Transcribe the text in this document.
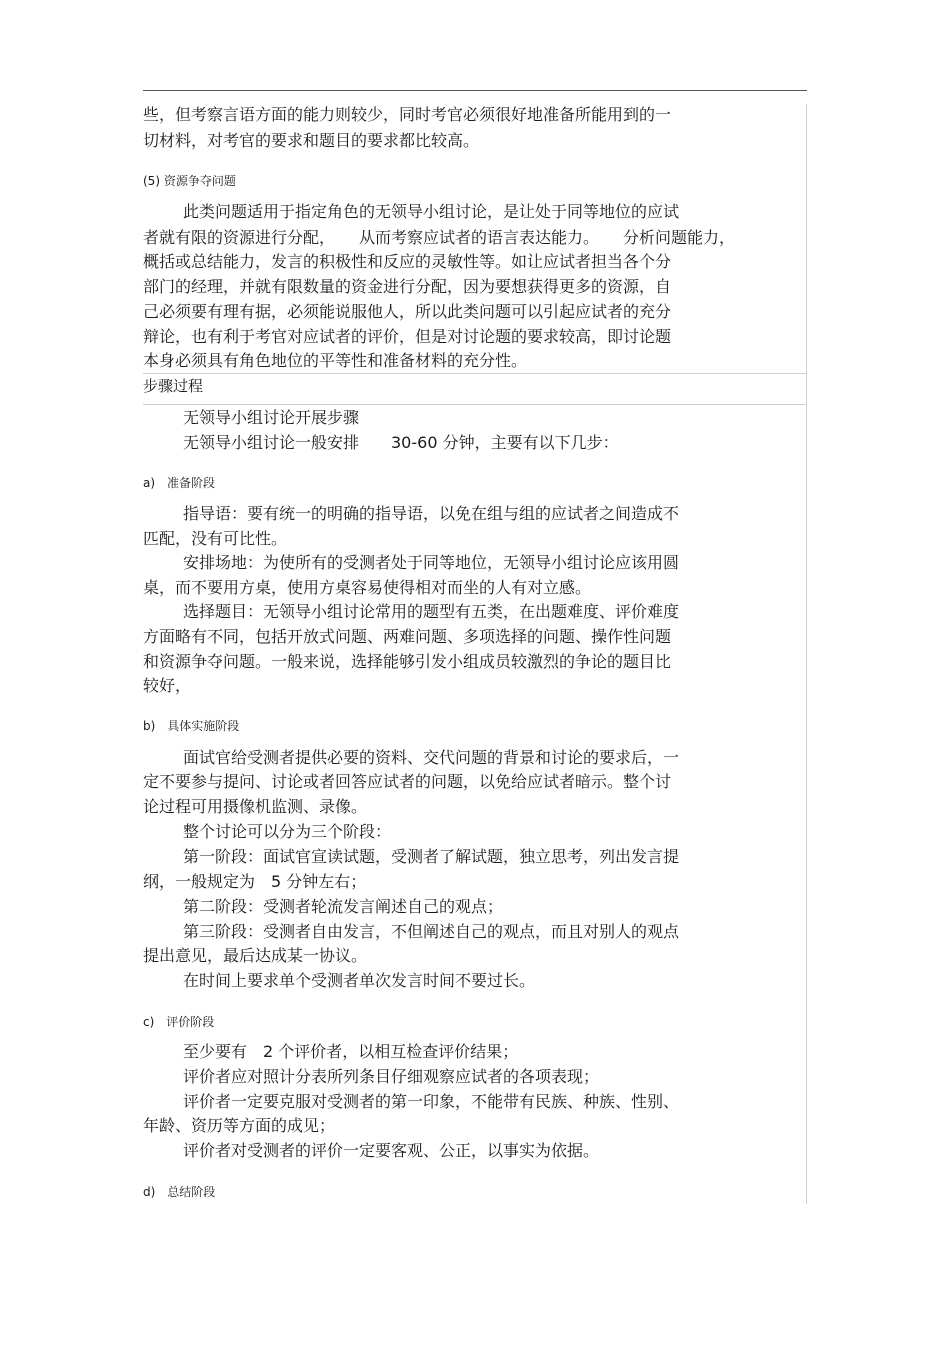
些，但考察言语方面的能力则较少，同时考官必须很好地准备所能用到的一
切材料，对考官的要求和题目的要求都比较高。
(5) 资源争夺问题
此类问题适用于指定角色的无领导小组讨论，是让处于同等地位的应试
者就有限的资源进行分配，　　从而考察应试者的语言表达能力。　　分析问题能力，
概括或总结能力，发言的积极性和反应的灵敏性等。如让应试者担当各个分
部门的经理，并就有限数量的资金进行分配，因为要想获得更多的资源，自
己必须要有理有据，必须能说服他人，所以此类问题可以引起应试者的充分
辩论，也有利于考官对应试者的评价，但是对讨论题的要求较高，即讨论题
本身必须具有角色地位的平等性和准备材料的充分性。
步骤过程
无领导小组讨论开展步骤
无领导小组讨论一般安排　　30-60 分钟，主要有以下几步：
a)　准备阶段
指导语：要有统一的明确的指导语，以免在组与组的应试者之间造成不
匹配，没有可比性。
安排场地：为使所有的受测者处于同等地位，无领导小组讨论应该用圆
桌，而不要用方桌，使用方桌容易使得相对而坐的人有对立感。
选择题目：无领导小组讨论常用的题型有五类，在出题难度、评价难度
方面略有不同，包括开放式问题、两难问题、多项选择的问题、操作性问题
和资源争夺问题。一般来说，选择能够引发小组成员较激烈的争论的题目比
较好，
b)　具体实施阶段
面试官给受测者提供必要的资料、交代问题的背景和讨论的要求后，一
定不要参与提问、讨论或者回答应试者的问题，以免给应试者暗示。整个讨
论过程可用摄像机监测、录像。
整个讨论可以分为三个阶段：
第一阶段：面试官宣读试题，受测者了解试题，独立思考，列出发言提
纲，一般规定为　5 分钟左右；
第二阶段：受测者轮流发言阐述自己的观点；
第三阶段：受测者自由发言，不但阐述自己的观点，而且对别人的观点
提出意见，最后达成某一协议。
在时间上要求单个受测者单次发言时间不要过长。
c)　评价阶段
至少要有　2 个评价者，以相互检查评价结果；
评价者应对照计分表所列条目仔细观察应试者的各项表现；
评价者一定要克服对受测者的第一印象，不能带有民族、种族、性别、
年龄、资历等方面的成见；
评价者对受测者的评价一定要客观、公正，以事实为依据。
d)　总结阶段
